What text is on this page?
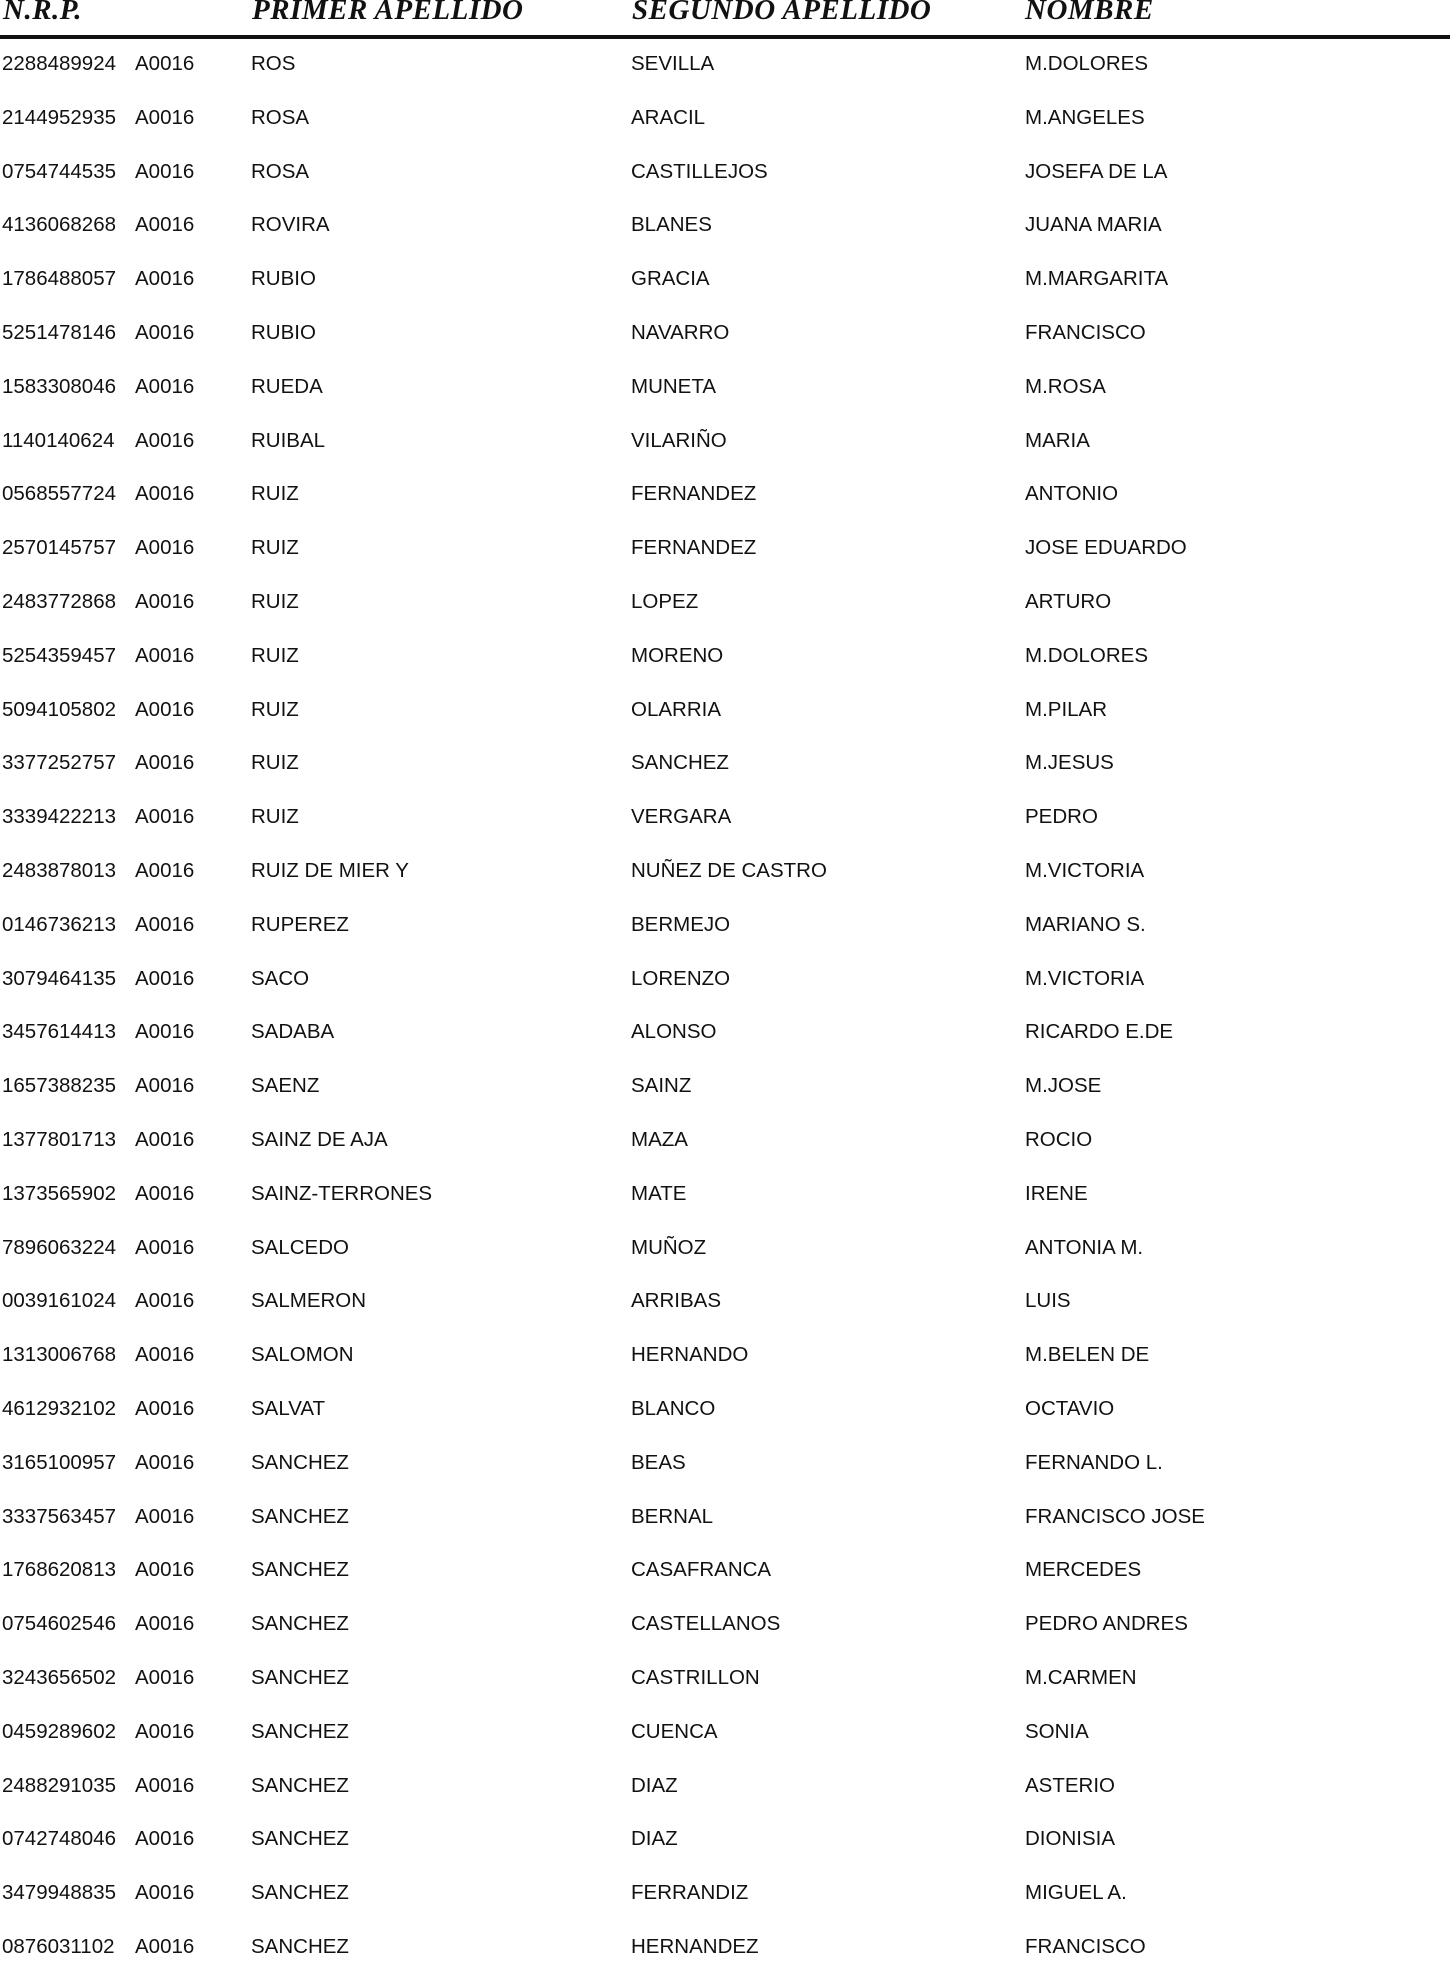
N.R.P.	PRIMER APELLIDO	SEGUNDO APELLIDO	NOMBRE
2288489924 A0016	ROS	SEVILLA	M.DOLORES
2144952935 A0016	ROSA	ARACIL	M.ANGELES
0754744535 A0016	ROSA	CASTILLEJOS	JOSEFA DE LA
4136068268 A0016	ROVIRA	BLANES	JUANA MARIA
1786488057 A0016	RUBIO	GRACIA	M.MARGARITA
5251478146 A0016	RUBIO	NAVARRO	FRANCISCO
1583308046 A0016	RUEDA	MUNETA	M.ROSA
1140140624 A0016	RUIBAL	VILARIÑO	MARIA
0568557724 A0016	RUIZ	FERNANDEZ	ANTONIO
2570145757 A0016	RUIZ	FERNANDEZ	JOSE EDUARDO
2483772868 A0016	RUIZ	LOPEZ	ARTURO
5254359457 A0016	RUIZ	MORENO	M.DOLORES
5094105802 A0016	RUIZ	OLARRIA	M.PILAR
3377252757 A0016	RUIZ	SANCHEZ	M.JESUS
3339422213 A0016	RUIZ	VERGARA	PEDRO
2483878013 A0016	RUIZ DE MIER Y	NUÑEZ DE CASTRO	M.VICTORIA
0146736213 A0016	RUPEREZ	BERMEJO	MARIANO S.
3079464135 A0016	SACO	LORENZO	M.VICTORIA
3457614413 A0016	SADABA	ALONSO	RICARDO E.DE
1657388235 A0016	SAENZ	SAINZ	M.JOSE
1377801713 A0016	SAINZ DE AJA	MAZA	ROCIO
1373565902 A0016	SAINZ-TERRONES	MATE	IRENE
7896063224 A0016	SALCEDO	MUÑOZ	ANTONIA M.
0039161024 A0016	SALMERON	ARRIBAS	LUIS
1313006768 A0016	SALOMON	HERNANDO	M.BELEN DE
4612932102 A0016	SALVAT	BLANCO	OCTAVIO
3165100957 A0016	SANCHEZ	BEAS	FERNANDO L.
3337563457 A0016	SANCHEZ	BERNAL	FRANCISCO JOSE
1768620813 A0016	SANCHEZ	CASAFRANCA	MERCEDES
0754602546 A0016	SANCHEZ	CASTELLANOS	PEDRO ANDRES
3243656502 A0016	SANCHEZ	CASTRILLON	M.CARMEN
0459289602 A0016	SANCHEZ	CUENCA	SONIA
2488291035 A0016	SANCHEZ	DIAZ	ASTERIO
0742748046 A0016	SANCHEZ	DIAZ	DIONISIA
3479948835 A0016	SANCHEZ	FERRANDIZ	MIGUEL A.
0876031102 A0016	SANCHEZ	HERNANDEZ	FRANCISCO
